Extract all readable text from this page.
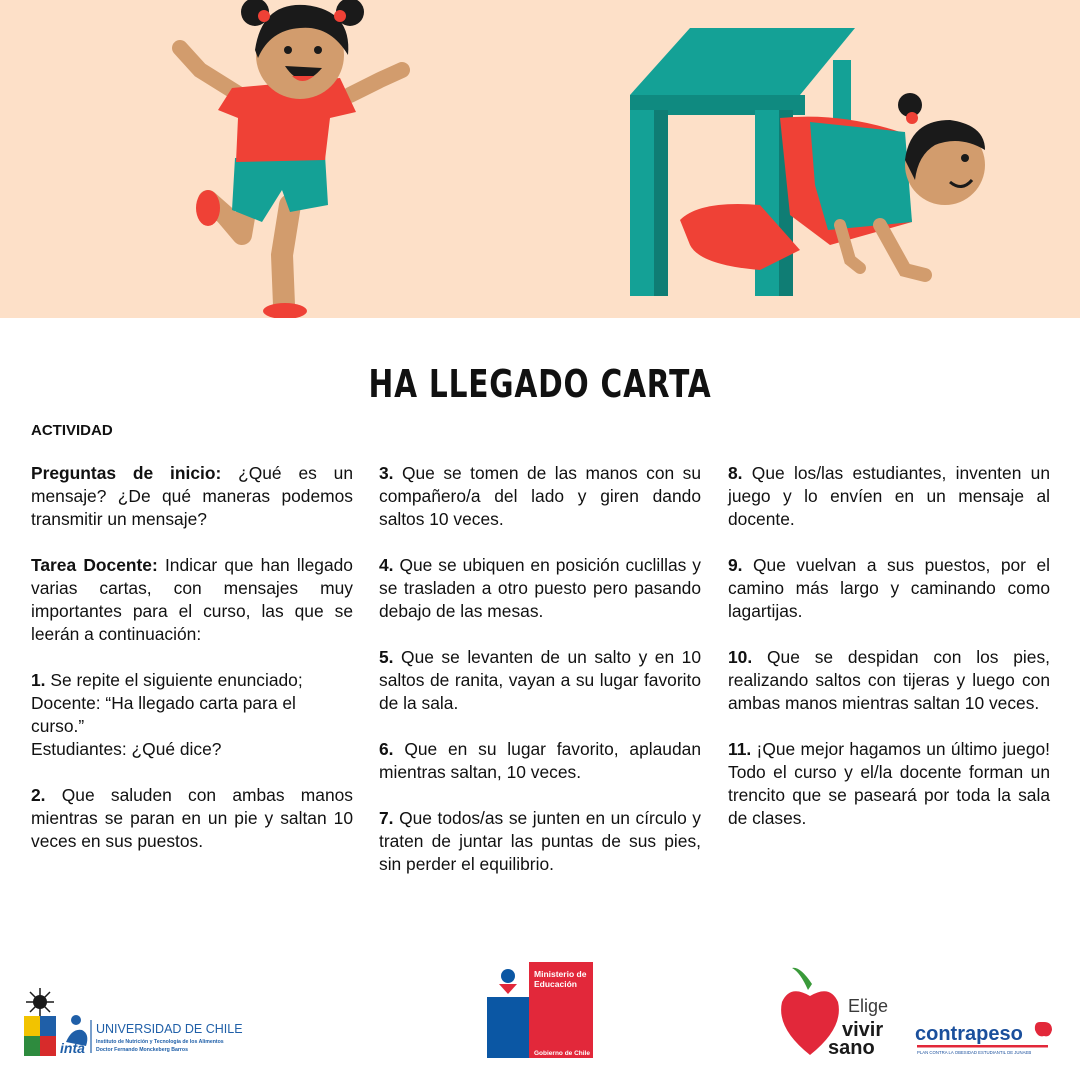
HA LLEGADO CARTA
ACTIVIDAD

Preguntas de inicio: ¿Qué es un mensaje? ¿De qué maneras podemos transmitir un mensaje?

Tarea Docente: Indicar que han llegado varias cartas, con mensajes muy importantes para el curso, las que se leerán a continuación:

1. Se repite el siguiente enunciado;
Docente: “Ha llegado carta para el curso.”
Estudiantes: ¿Qué dice?

2. Que saluden con ambas manos mientras se paran en un pie y saltan 10 veces en sus puestos.

3. Que se tomen de las manos con su compañero/a del lado y giren dando saltos 10 veces.

4. Que se ubiquen en posición cuclillas y se trasladen a otro puesto pero pasando debajo de las mesas.

5. Que se levanten de un salto y en 10 saltos de ranita, vayan a su lugar favorito de la sala.

6. Que en su lugar favorito, aplaudan mientras saltan, 10 veces.

7. Que todos/as se junten en un círculo y traten de juntar las puntas de sus pies, sin perder el equilibrio.

8. Que los/las estudiantes, inventen un juego y lo envíen en un mensaje al docente.

9. Que vuelvan a sus puestos, por el camino más largo y caminando como lagartijas.

10. Que se despidan con los pies, realizando saltos con tijeras y luego con ambas manos mientras saltan 10 veces.

11. ¡Que mejor hagamos un último juego! Todo el curso y el/la docente forman un trencito que se paseará por toda la sala de clases.

inta
UNIVERSIDAD DE CHILE
Instituto de Nutrición y Tecnología de los Alimentos
Doctor Fernando Monckeberg Barros
Ministerio de
Educación
Gobierno de Chile
Elige
vivir
sano
contrapeso
PLAN CONTRA LA OBESIDAD ESTUDIANTIL DE JUNAEB
